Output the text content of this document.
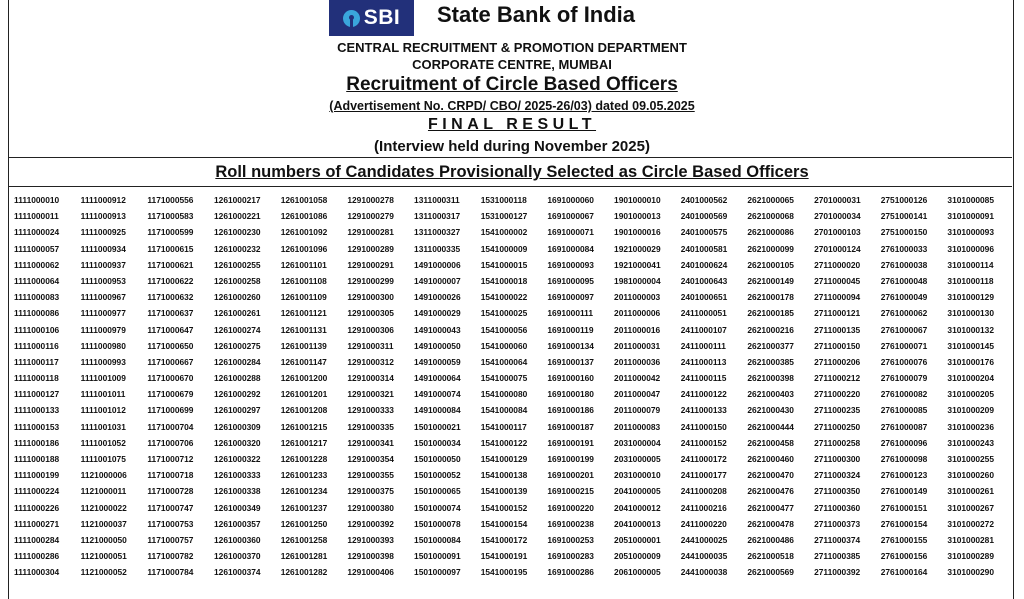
SBI State Bank of India
CENTRAL RECRUITMENT & PROMOTION DEPARTMENT
CORPORATE CENTRE, MUMBAI
Recruitment of Circle Based Officers
(Advertisement No. CRPD/ CBO/ 2025-26/03) dated 09.05.2025
FINAL RESULT
(Interview held during November 2025)
Roll numbers of Candidates Provisionally Selected as Circle Based Officers
1111000010	1111000912	1171000556	1261000217	1261001058	1291000278	1311000311	1531000118	1691000060	1901000010	2401000562	2621000065	2701000031	2751000126	3101000085
1111000011	1111000913	1171000583	1261000221	1261001086	1291000279	1311000317	1531000127	1691000067	1901000013	2401000569	2621000068	2701000034	2751000141	3101000091
1111000024	1111000925	1171000599	1261000230	1261001092	1291000281	1311000327	1541000002	1691000071	1901000016	2401000575	2621000086	2701000103	2751000150	3101000093
1111000057	1111000934	1171000615	1261000232	1261001096	1291000289	1311000335	1541000009	1691000084	1921000029	2401000581	2621000099	2701000124	2761000033	3101000096
1111000062	1111000937	1171000621	1261000255	1261001101	1291000291	1491000006	1541000015	1691000093	1921000041	2401000624	2621000105	2711000020	2761000038	3101000114
1111000064	1111000953	1171000622	1261000258	1261001108	1291000299	1491000007	1541000018	1691000095	1981000004	2401000643	2621000149	2711000045	2761000048	3101000118
1111000083	1111000967	1171000632	1261000260	1261001109	1291000300	1491000026	1541000022	1691000097	2011000003	2401000651	2621000178	2711000094	2761000049	3101000129
1111000086	1111000977	1171000637	1261000261	1261001121	1291000305	1491000029	1541000025	1691000111	2011000006	2411000051	2621000185	2711000121	2761000062	3101000130
1111000106	1111000979	1171000647	1261000274	1261001131	1291000306	1491000043	1541000056	1691000119	2011000016	2411000107	2621000216	2711000135	2761000067	3101000132
1111000116	1111000980	1171000650	1261000275	1261001139	1291000311	1491000050	1541000060	1691000134	2011000031	2411000111	2621000377	2711000150	2761000071	3101000145
1111000117	1111000993	1171000667	1261000284	1261001147	1291000312	1491000059	1541000064	1691000137	2011000036	2411000113	2621000385	2711000206	2761000076	3101000176
1111000118	1111001009	1171000670	1261000288	1261001200	1291000314	1491000064	1541000075	1691000160	2011000042	2411000115	2621000398	2711000212	2761000079	3101000204
1111000127	1111001011	1171000679	1261000292	1261001201	1291000321	1491000074	1541000080	1691000180	2011000047	2411000122	2621000403	2711000220	2761000082	3101000205
1111000133	1111001012	1171000699	1261000297	1261001208	1291000333	1491000084	1541000084	1691000186	2011000079	2411000133	2621000430	2711000235	2761000085	3101000209
1111000153	1111001031	1171000704	1261000309	1261001215	1291000335	1501000021	1541000117	1691000187	2011000083	2411000150	2621000444	2711000250	2761000087	3101000236
1111000186	1111001052	1171000706	1261000320	1261001217	1291000341	1501000034	1541000122	1691000191	2031000004	2411000152	2621000458	2711000258	2761000096	3101000243
1111000188	1111001075	1171000712	1261000322	1261001228	1291000354	1501000050	1541000129	1691000199	2031000005	2411000172	2621000460	2711000300	2761000098	3101000255
1111000199	1121000006	1171000718	1261000333	1261001233	1291000355	1501000052	1541000138	1691000201	2031000010	2411000177	2621000470	2711000324	2761000123	3101000260
1111000224	1121000011	1171000728	1261000338	1261001234	1291000375	1501000065	1541000139	1691000215	2041000005	2411000208	2621000476	2711000350	2761000149	3101000261
1111000226	1121000022	1171000747	1261000349	1261001237	1291000380	1501000074	1541000152	1691000220	2041000012	2411000216	2621000477	2711000360	2761000151	3101000267
1111000271	1121000037	1171000753	1261000357	1261001250	1291000392	1501000078	1541000154	1691000238	2041000013	2411000220	2621000478	2711000373	2761000154	3101000272
1111000284	1121000050	1171000757	1261000360	1261001258	1291000393	1501000084	1541000172	1691000253	2051000001	2441000025	2621000486	2711000374	2761000155	3101000281
1111000286	1121000051	1171000782	1261000370	1261001281	1291000398	1501000091	1541000191	1691000283	2051000009	2441000035	2621000518	2711000385	2761000156	3101000289
1111000304	1121000052	1171000784	1261000374	1261001282	1291000406	1501000097	1541000195	1691000286	2061000005	2441000038	2621000569	2711000392	2761000164	3101000290
